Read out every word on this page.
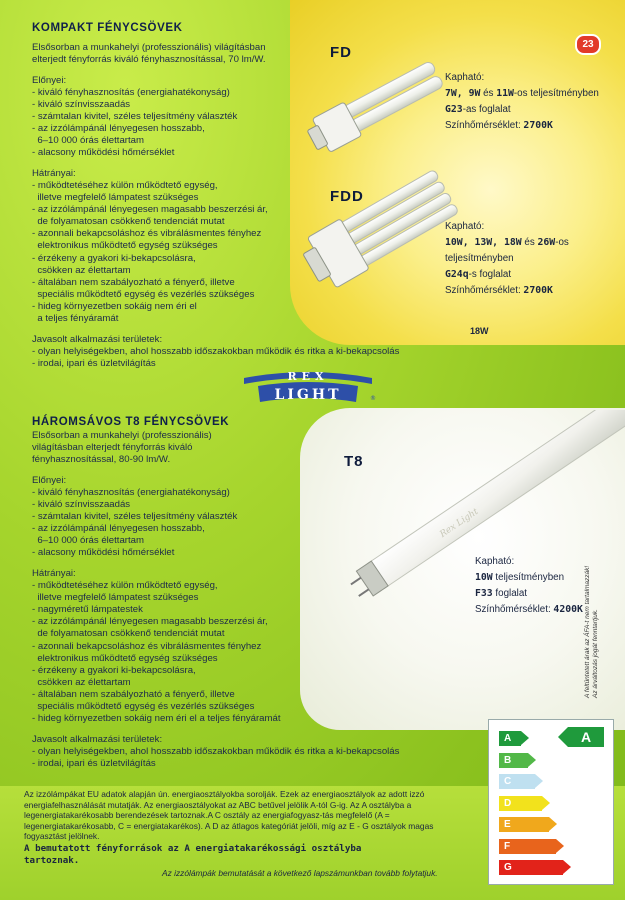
23
KOMPAKT FÉNYCSÖVEK
Elsősorban a munkahelyi (professzionális) világításban
elterjedt fényforrás kiváló fényhasznosítással, 70 lm/W.
Előnyei:
- kiváló fényhasznosítás (energiahatékonyság)
- kiváló színvisszaadás
- számtalan kivitel, széles teljesítmény választék
- az izzólámpánál lényegesen hosszabb,
6–10 000 órás élettartam
- alacsony működési hőmérséklet
Hátrányai:
- működtetéséhez külön működtető egység,
illetve megfelelő lámpatest szükséges
- az izzólámpánál lényegesen magasabb beszerzési ár,
de folyamatosan csökkenő tendenciát mutat
- azonnali bekapcsoláshoz és vibrálásmentes fényhez
elektronikus működtető egység szükséges
- érzékeny a gyakori ki-bekapcsolásra,
csökken az élettartam
- általában nem szabályozható a fényerő, illetve
speciális működtető egység és vezérlés szükséges
- hideg környezetben sokáig nem éri el
a teljes fényáramát
Javasolt alkalmazási területek:
- olyan helyiségekben, ahol hosszabb időszakokban működik és ritka a ki-bekapcsolás
- irodai, ipari és üzletvilágítás
FD
FDD
Kapható:
7W, 9W és 11W-os teljesítményben
G23-as foglalat
Színhőmérséklet: 2700K
Kapható:
10W, 13W, 18W és 26W-os
teljesítményben
G24q-s foglalat
Színhőmérséklet: 2700K
18W
REX
LIGHT	®
HÁROMSÁVOS T8 FÉNYCSÖVEK
T8
Elsősorban a munkahelyi (professzionális)
világításban elterjedt fényforrás kiváló
fényhasznosítással, 80-90 lm/W.
Előnyei:
- kiváló fényhasznosítás (energiahatékonyság)
- kiváló színvisszaadás
- számtalan kivitel, széles teljesítmény választék
- az izzólámpánál lényegesen hosszabb,
6–10 000 órás élettartam
- alacsony működési hőmérséklet
Hátrányai:
- működtetéséhez külön működtető egység,
illetve megfelelő lámpatest szükséges
- nagyméretű lámpatestek
- az izzólámpánál lényegesen magasabb beszerzési ár,
de folyamatosan csökkenő tendenciát mutat
- azonnali bekapcsoláshoz és vibrálásmentes fényhez
elektronikus működtető egység szükséges
- érzékeny a gyakori ki-bekapcsolásra,
csökken az élettartam
- általában nem szabályozható a fényerő, illetve
speciális működtető egység és vezérlés szükséges
- hideg környezetben sokáig nem éri el a teljes fényáramát
Javasolt alkalmazási területek:
- olyan helyiségekben, ahol hosszabb időszakokban működik és ritka a ki-bekapcsolás
- irodai, ipari és üzletvilágítás
Rex Light
Kapható:
10W teljesítményben
F33 foglalat
Színhőmérséklet: 4200K A feltüntetett árak az ÁFA-t nem tartalmazzák!
Az árváltozás jogát fenntartjuk.
A
B
C
D
E
F
G
A
Az izzólámpákat EU adatok alapján ún. energiaosztályokba sorolják. Ezek az energiaosztályok az adott izzó
energiafelhasználását mutatják. Az energiaosztályokat az ABC betűvel jelölik A-tól G-ig. Az A osztályba a
legenergiatakarékosabb berendezések tartoznak.A C osztály az energiafogyasz-tás megfelelő (A =
legenergiatakarékosabb, C = energiatakarékos). A D az átlagos kategóriát jelöli, míg az E - G osztályok magas
fogyasztást jelölnek.
A bemutatott fényforrások az A energiatakarékossági osztályba
tartoznak.
Az izzólámpák bemutatását a következő lapszámunkban tovább folytatjuk.
